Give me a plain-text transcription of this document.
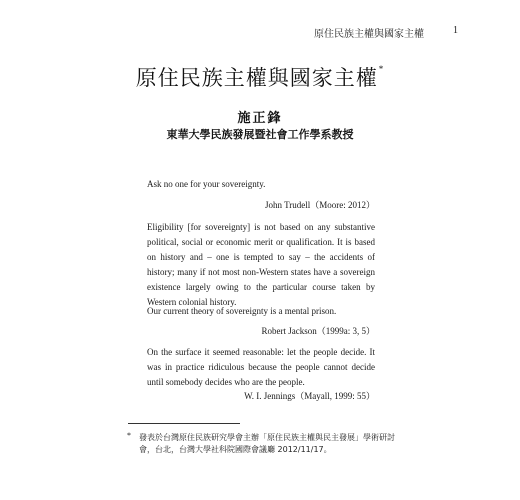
原住民族主權與國家主權	1
原住民族主權與國家主權*
施正鋒
東華大學民族發展暨社會工作學系教授
Ask no one for your sovereignty.
John Trudell（Moore: 2012）
Eligibility [for sovereignty] is not based on any substantive political, social or economic merit or qualification. It is based on history and – one is tempted to say – the accidents of history; many if not most non-Western states have a sovereign existence largely owing to the particular course taken by Western colonial history.
Our current theory of sovereignty is a mental prison.
Robert Jackson（1999a: 3, 5）
On the surface it seemed reasonable: let the people decide. It was in practice ridiculous because the people cannot decide until somebody decides who are the people.
W. I. Jennings（Mayall, 1999: 55）
* 發表於台灣原住民族研究學會主辦「原住民族主權與民主發展」學術研討會，台北，台灣大學社科院國際會議廳 2012/11/17。
